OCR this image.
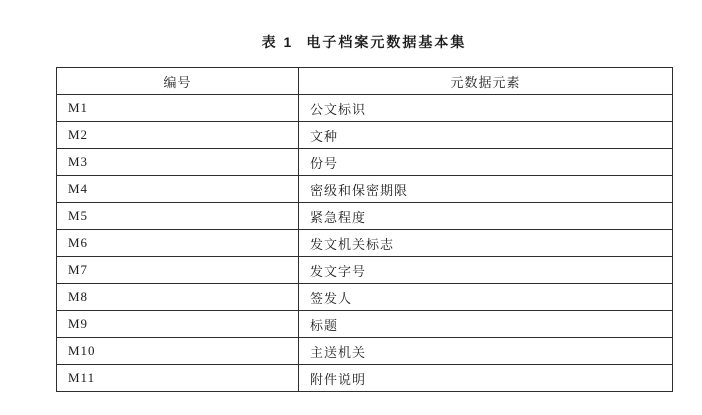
表 1 电子档案元数据基本集
编号	元数据元素
M1	公文标识
M2	文种
M3	份号
M4	密级和保密期限
M5	紧急程度
M6	发文机关标志
M7	发文字号
M8	签发人
M9	标题
M10	主送机关
M11	附件说明
